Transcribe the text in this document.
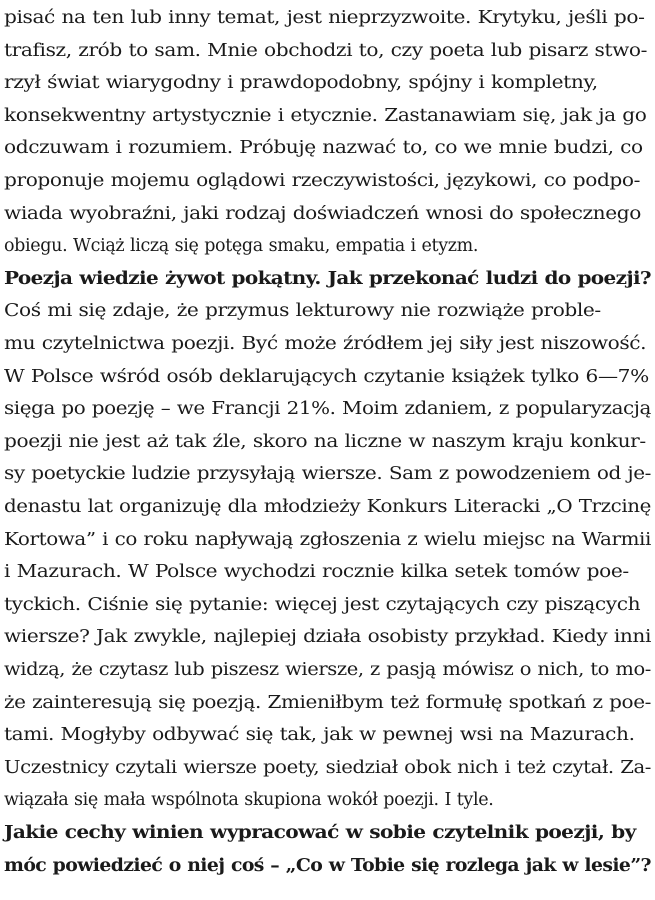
pisać na ten lub inny temat, jest nieprzyzwoite. Krytyku, jeśli po-
trafisz, zrób to sam. Mnie obchodzi to, czy poeta lub pisarz stwo-
rzył świat wiarygodny i prawdopodobny, spójny i kompletny,
konsekwentny artystycznie i etycznie. Zastanawiam się, jak ja go
odczuwam i rozumiem. Próbuję nazwać to, co we mnie budzi, co
proponuje mojemu oglądowi rzeczywistości, językowi, co podpo-
wiada wyobraźni, jaki rodzaj doświadczeń wnosi do społecznego
obiegu. Wciąż liczą się potęga smaku, empatia i etyzm.
Poezja wiedzie żywot pokątny. Jak przekonać ludzi do poezji?
Coś mi się zdaje, że przymus lekturowy nie rozwiąże proble-
mu czytelnictwa poezji. Być może źródłem jej siły jest niszowość.
W Polsce wśród osób deklarujących czytanie książek tylko 6—7%
sięga po poezję – we Francji 21%. Moim zdaniem, z popularyzacją
poezji nie jest aż tak źle, skoro na liczne w naszym kraju konkur-
sy poetyckie ludzie przysyłają wiersze. Sam z powodzeniem od je-
denastu lat organizuję dla młodzieży Konkurs Literacki „O Trzcinę
Kortowa” i co roku napływają zgłoszenia z wielu miejsc na Warmii
i Mazurach. W Polsce wychodzi rocznie kilka setek tomów poe-
tyckich. Ciśnie się pytanie: więcej jest czytających czy piszących
wiersze? Jak zwykle, najlepiej działa osobisty przykład. Kiedy inni
widzą, że czytasz lub piszesz wiersze, z pasją mówisz o nich, to mo-
że zainteresują się poezją. Zmieniłbym też formułę spotkań z poe-
tami. Mogłyby odbywać się tak, jak w pewnej wsi na Mazurach.
Uczestnicy czytali wiersze poety, siedział obok nich i też czytał. Za-
wiązała się mała wspólnota skupiona wokół poezji. I tyle.
Jakie cechy winien wypracować w sobie czytelnik poezji, by
móc powiedzieć o niej coś – „Co w Tobie się rozlega jak w lesie”?
